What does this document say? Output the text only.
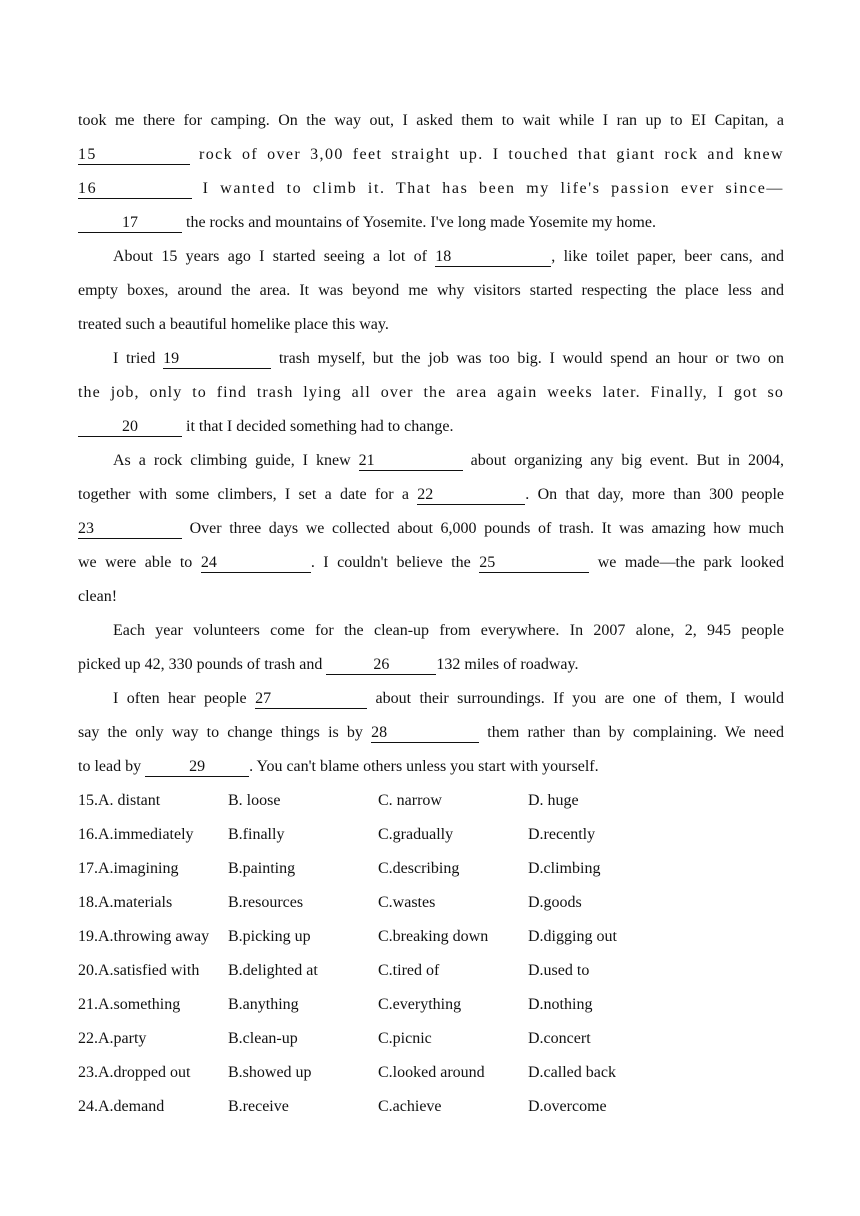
took me there for camping. On the way out, I asked them to wait while I ran up to EI Capitan, a
15	rock of over 3,00 feet straight up. I touched that giant rock and knew
16	I wanted to climb it. That has been my life's passion ever since—
17	the rocks and mountains of Yosemite. I've long made Yosemite my home.
About 15 years ago I started seeing a lot of 18	, like toilet paper, beer cans, and
empty boxes, around the area. It was beyond me why visitors started respecting the place less and
treated such a beautiful homelike place this way.
I tried 19	trash myself, but the job was too big. I would spend an hour or two on
the job, only to find trash lying all over the area again weeks later. Finally, I got so
20	it that I decided something had to change.
As a rock climbing guide, I knew 21	about organizing any big event. But in 2004,
together with some climbers, I set a date for a 22	. On that day, more than 300 people
23	Over three days we collected about 6,000 pounds of trash. It was amazing how much
we were able to 24	. I couldn't believe the 25	we made—the park looked
clean!
Each year volunteers come for the clean-up from everywhere. In 2007 alone, 2, 945 people
picked up 42, 330 pounds of trash and	26	132 miles of roadway.
I often hear people 27	about their surroundings. If you are one of them, I would
say the only way to change things is by 28	them rather than by complaining. We need
to lead by	29	. You can't blame others unless you start with yourself.
15.A. distant	B. loose	C. narrow	D. huge
16.A.immediately	B.finally	C.gradually	D.recently
17.A.imagining	B.painting	C.describing	D.climbing
18.A.materials	B.resources	C.wastes	D.goods
19.A.throwing away	B.picking up	C.breaking down	D.digging out
20.A.satisfied with	B.delighted at	C.tired of	D.used to
21.A.something	B.anything	C.everything	D.nothing
22.A.party	B.clean-up	C.picnic	D.concert
23.A.dropped out	B.showed up	C.looked around	D.called back
24.A.demand	B.receive	C.achieve	D.overcome
